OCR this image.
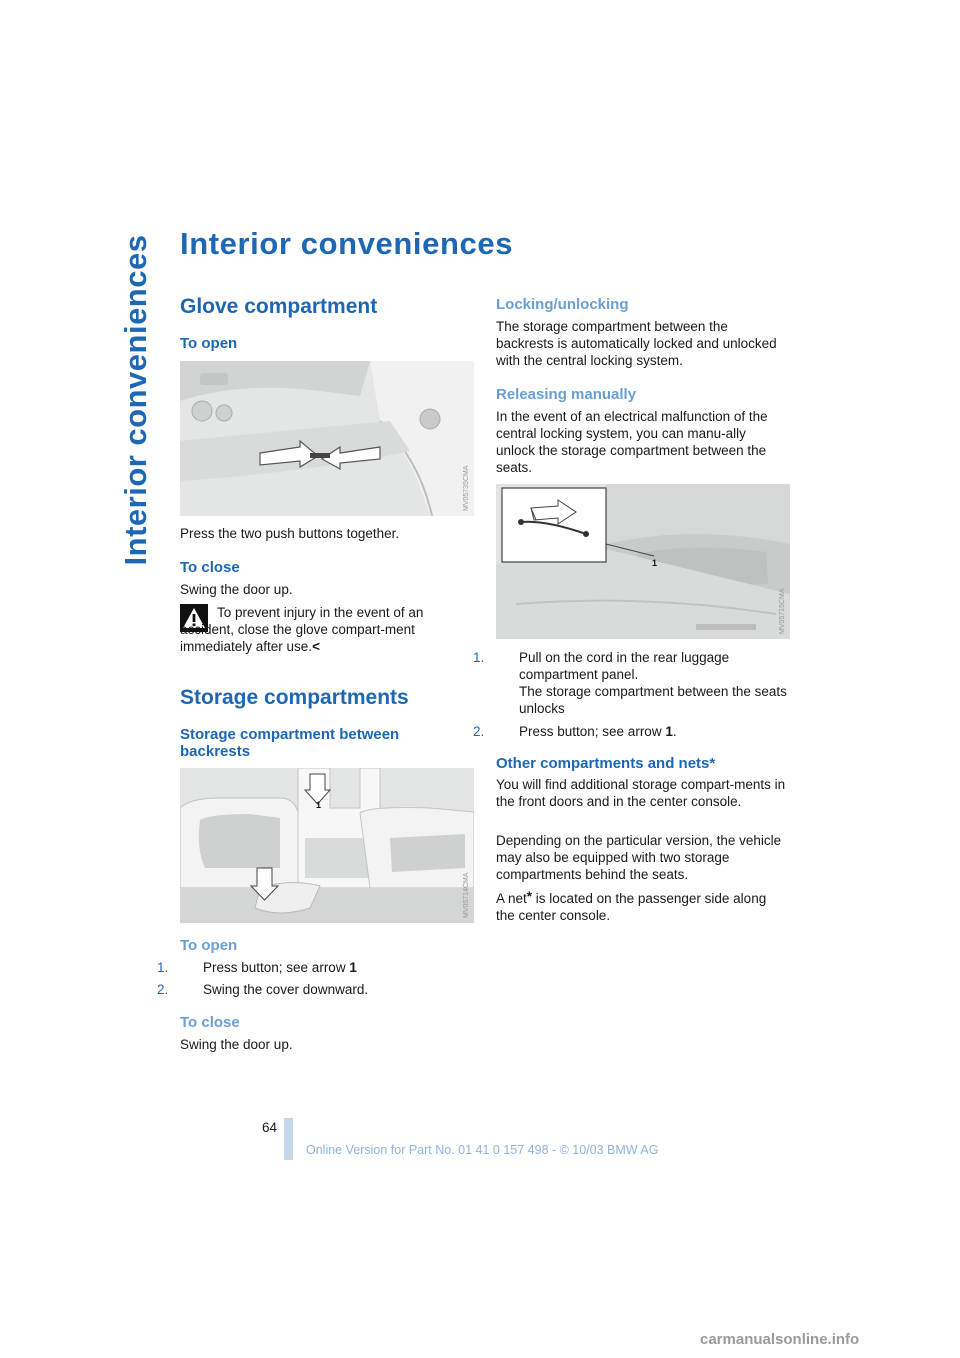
Interior conveniences Interior conveniences
Glove compartment
To open
MV05735CMA

Press the two push buttons together.

To close

Swing the door up.

To prevent injury in the event of an accident, close the glove compart-ment immediately after use.<

Storage compartments
Storage compartment between backrests
1
MV05714CMA
To open

1.	Press button; see arrow 1

2.	Swing the cover downward.

To close

Swing the door up.

Locking/unlocking

The storage compartment between the backrests is automatically locked and unlocked with the central locking system.

Releasing manually

In the event of an electrical malfunction of the central locking system, you can manu-ally unlock the storage compartment between the seats.

1
MV05715CMA

1.	Pull on the cord in the rear luggage compartment panel.

The storage compartment between the seats unlocks

2.	Press button; see arrow 1.

Other compartments and nets*

You will find additional storage compart-ments in the front doors and in the center console.

Depending on the particular version, the vehicle may also be equipped with two storage compartments behind the seats.

A net* is located on the passenger side along the center console.

64
Online Version for Part No. 01 41 0 157 498 - © 10/03 BMW AG
carmanualsonline.info
